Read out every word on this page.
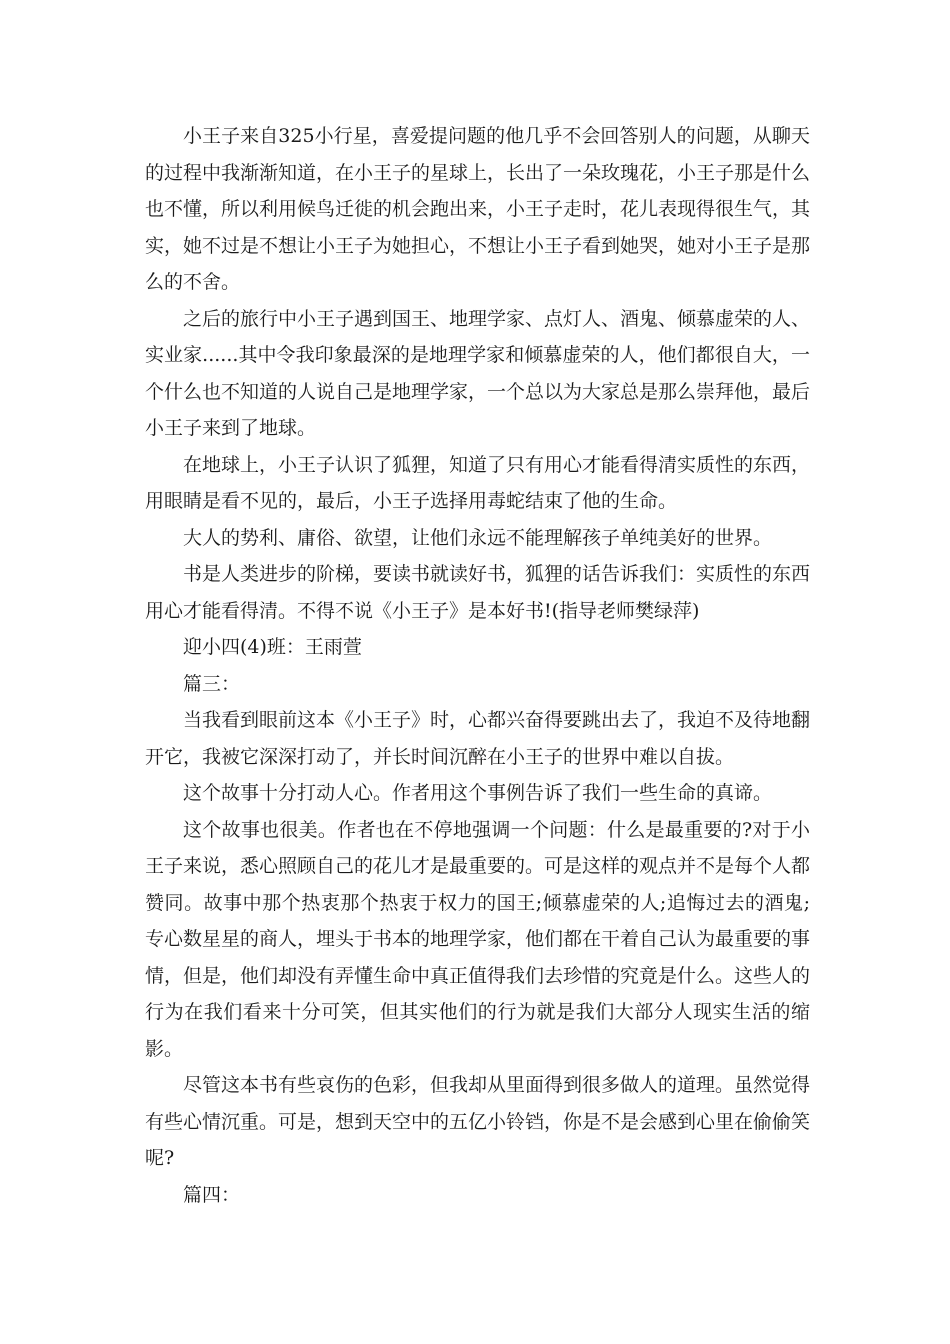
小王子来自325小行星，喜爱提问题的他几乎不会回答别人的问题，从聊天的过程中我渐渐知道，在小王子的星球上，长出了一朵玫瑰花，小王子那是什么也不懂，所以利用候鸟迁徙的机会跑出来，小王子走时，花儿表现得很生气，其实，她不过是不想让小王子为她担心，不想让小王子看到她哭，她对小王子是那么的不舍。

之后的旅行中小王子遇到国王、地理学家、点灯人、酒鬼、倾慕虚荣的人、实业家......其中令我印象最深的是地理学家和倾慕虚荣的人，他们都很自大，一个什么也不知道的人说自己是地理学家，一个总以为大家总是那么崇拜他，最后小王子来到了地球。

在地球上，小王子认识了狐狸，知道了只有用心才能看得清实质性的东西，用眼睛是看不见的，最后，小王子选择用毒蛇结束了他的生命。

大人的势利、庸俗、欲望，让他们永远不能理解孩子单纯美好的世界。

书是人类进步的阶梯，要读书就读好书，狐狸的话告诉我们：实质性的东西用心才能看得清。不得不说《小王子》是本好书!(指导老师樊绿萍)

迎小四(4)班：王雨萱

篇三：

当我看到眼前这本《小王子》时，心都兴奋得要跳出去了，我迫不及待地翻开它，我被它深深打动了，并长时间沉醉在小王子的世界中难以自拔。

这个故事十分打动人心。作者用这个事例告诉了我们一些生命的真谛。

这个故事也很美。作者也在不停地强调一个问题：什么是最重要的?对于小王子来说，悉心照顾自己的花儿才是最重要的。可是这样的观点并不是每个人都赞同。故事中那个热衷那个热衷于权力的国王;倾慕虚荣的人;追悔过去的酒鬼;专心数星星的商人，埋头于书本的地理学家，他们都在干着自己认为最重要的事情，但是，他们却没有弄懂生命中真正值得我们去珍惜的究竟是什么。这些人的行为在我们看来十分可笑，但其实他们的行为就是我们大部分人现实生活的缩影。

尽管这本书有些哀伤的色彩，但我却从里面得到很多做人的道理。虽然觉得有些心情沉重。可是，想到天空中的五亿小铃铛，你是不是会感到心里在偷偷笑呢?

篇四：
